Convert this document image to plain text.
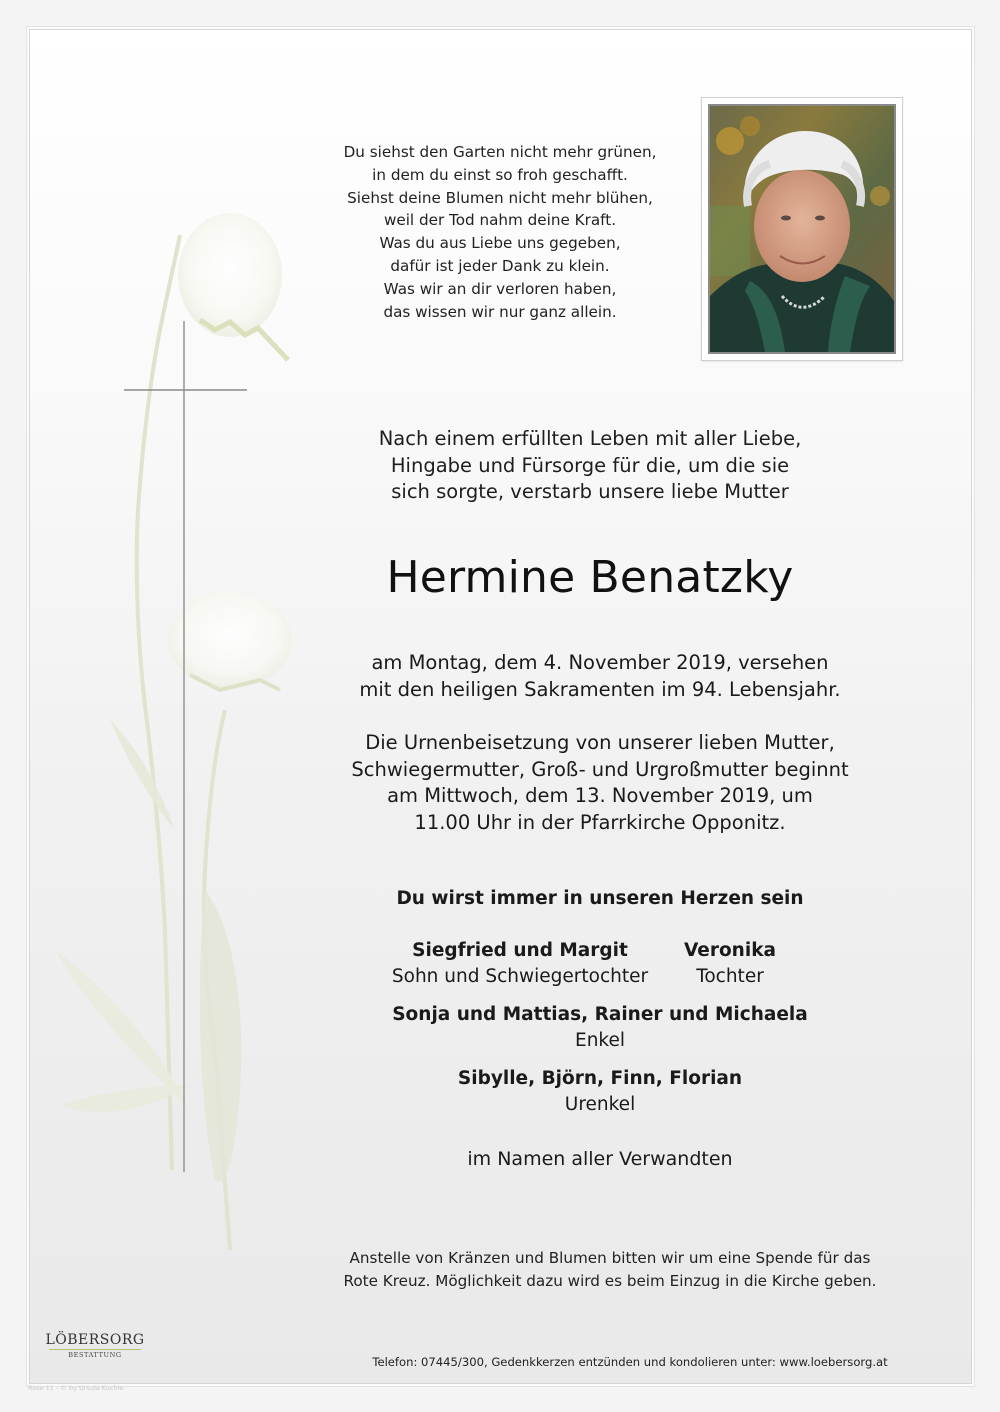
Du siehst den Garten nicht mehr grünen,
in dem du einst so froh geschafft.
Siehst deine Blumen nicht mehr blühen,
weil der Tod nahm deine Kraft.
Was du aus Liebe uns gegeben,
dafür ist jeder Dank zu klein.
Was wir an dir verloren haben,
das wissen wir nur ganz allein.
Nach einem erfüllten Leben mit aller Liebe,
Hingabe und Fürsorge für die, um die sie
sich sorgte, verstarb unsere liebe Mutter
Hermine Benatzky
am Montag, dem 4. November 2019, versehen
mit den heiligen Sakramenten im 94. Lebensjahr.
Die Urnenbeisetzung von unserer lieben Mutter,
Schwiegermutter, Groß- und Urgroßmutter beginnt
am Mittwoch, dem 13. November 2019, um
11.00 Uhr in der Pfarrkirche Opponitz.
Du wirst immer in unseren Herzen sein
Siegfried und Margit
Sohn und Schwiegertochter
Veronika
Tochter
Sonja und Mattias, Rainer und Michaela
Enkel
Sibylle, Björn, Finn, Florian
Urenkel
im Namen aller Verwandten
Anstelle von Kränzen und Blumen bitten wir um eine Spende für das
Rote Kreuz. Möglichkeit dazu wird es beim Einzug in die Kirche geben.
LÖBERSORG
BESTATTUNG	Telefon: 07445/300, Gedenkkerzen entzünden und kondolieren unter: www.loebersorg.at
Rose 11 - © by Ursula Kuchle
